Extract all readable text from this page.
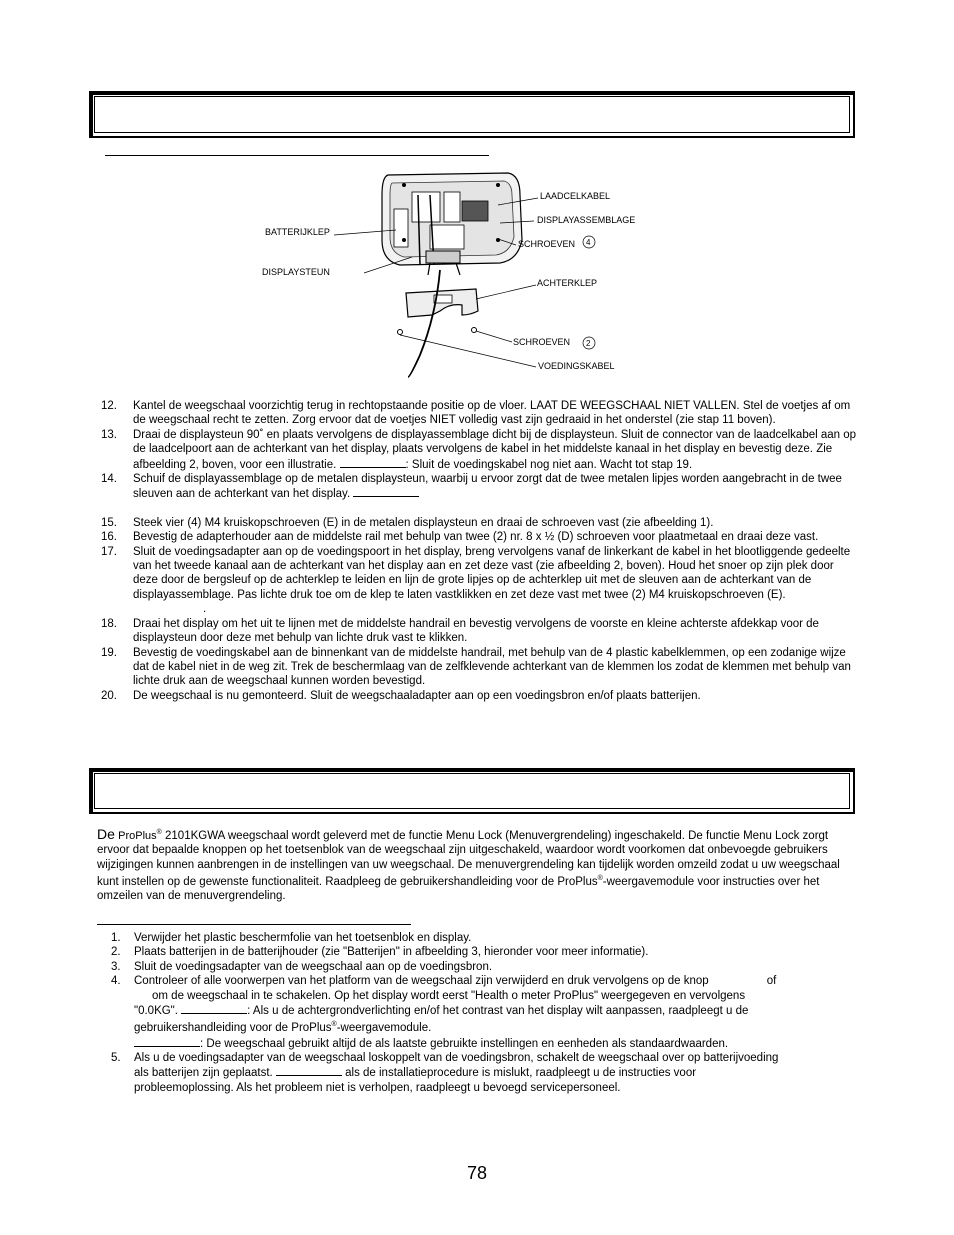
LAADCELKABEL
DISPLAYASSEMBLAGE
BATTERIJKLEP
SCHROEVEN 4
DISPLAYSTEUN
ACHTERKLEP
SCHROEVEN 2
VOEDINGSKABEL
12.	Kantel de weegschaal voorzichtig terug in rechtopstaande positie op de vloer. LAAT DE WEEGSCHAAL NIET VALLEN. Stel de voetjes af om de weegschaal recht te zetten. Zorg ervoor dat de voetjes NIET volledig vast zijn gedraaid in het onderstel (zie stap 11 boven).
13.	Draai de displaysteun 90˚ en plaats vervolgens de displayassemblage dicht bij de displaysteun. Sluit de connector van de laadcelkabel aan op de laadcelpoort aan de achterkant van het display, plaats vervolgens de kabel in het middelste kanaal in het display en bevestig deze. Zie afbeelding 2, boven, voor een illustratie.	: Sluit de voedingskabel nog niet aan. Wacht tot stap 19.
14.	Schuif de displayassemblage op de metalen displaysteun, waarbij u ervoor zorgt dat de twee metalen lipjes worden aangebracht in de twee sleuven aan de achterkant van het display.
15.	Steek vier (4) M4 kruiskopschroeven (E) in de metalen displaysteun en draai de schroeven vast (zie afbeelding 1).
16.	Bevestig de adapterhouder aan de middelste rail met behulp van twee (2) nr. 8 x ½ (D) schroeven voor plaatmetaal en draai deze vast.
17.	Sluit de voedingsadapter aan op de voedingspoort in het display, breng vervolgens vanaf de linkerkant de kabel in het blootliggende gedeelte van het tweede kanaal aan de achterkant van het display aan en zet deze vast (zie afbeelding 2, boven). Houd het snoer op zijn plek door deze door de bergsleuf op de achterklep te leiden en lijn de grote lipjes op de achterklep uit met de sleuven aan de achterkant van de displayassemblage. Pas lichte druk toe om de klep te laten vastklikken en zet deze vast met twee (2) M4 kruiskopschroeven (E).
.
18.	Draai het display om het uit te lijnen met de middelste handrail en bevestig vervolgens de voorste en kleine achterste afdekkap voor de displaysteun door deze met behulp van lichte druk vast te klikken.
19.	Bevestig de voedingskabel aan de binnenkant van de middelste handrail, met behulp van de 4 plastic kabelklemmen, op een zodanige wijze dat de kabel niet in de weg zit. Trek de beschermlaag van de zelfklevende achterkant van de klemmen los zodat de klemmen met behulp van lichte druk aan de weegschaal kunnen worden bevestigd.
20.	De weegschaal is nu gemonteerd. Sluit de weegschaaladapter aan op een voedingsbron en/of plaats batterijen.
De ProPlus® 2101KGWA weegschaal wordt geleverd met de functie Menu Lock (Menuvergrendeling) ingeschakeld. De functie Menu Lock zorgt ervoor dat bepaalde knoppen op het toetsenblok van de weegschaal zijn uitgeschakeld, waardoor wordt voorkomen dat onbevoegde gebruikers wijzigingen kunnen aanbrengen in de instellingen van uw weegschaal. De menuvergrendeling kan tijdelijk worden omzeild zodat u uw weegschaal kunt instellen op de gewenste functionaliteit. Raadpleeg de gebruikershandleiding voor de ProPlus®-weergavemodule voor instructies over het omzeilen van de menuvergrendeling.
1.	Verwijder het plastic beschermfolie van het toetsenblok en display.
2.	Plaats batterijen in de batterijhouder (zie "Batterijen" in afbeelding 3, hieronder voor meer informatie).
3.	Sluit de voedingsadapter van de weegschaal aan op de voedingsbron.
4.	Controleer of alle voorwerpen van het platform van de weegschaal zijn verwijderd en druk vervolgens op de knop	of
om de weegschaal in te schakelen. Op het display wordt eerst "Health o meter ProPlus" weergegeven en vervolgens
"0.0KG".	: Als u de achtergrondverlichting en/of het contrast van het display wilt aanpassen, raadpleegt u de
gebruikershandleiding voor de ProPlus®-weergavemodule.
: De weegschaal gebruikt altijd de als laatste gebruikte instellingen en eenheden als standaardwaarden.
5.	Als u de voedingsadapter van de weegschaal loskoppelt van de voedingsbron, schakelt de weegschaal over op batterijvoeding
als batterijen zijn geplaatst.	als de installatieprocedure is mislukt, raadpleegt u de instructies voor
probleemoplossing. Als het probleem niet is verholpen, raadpleegt u bevoegd servicepersoneel.
78
